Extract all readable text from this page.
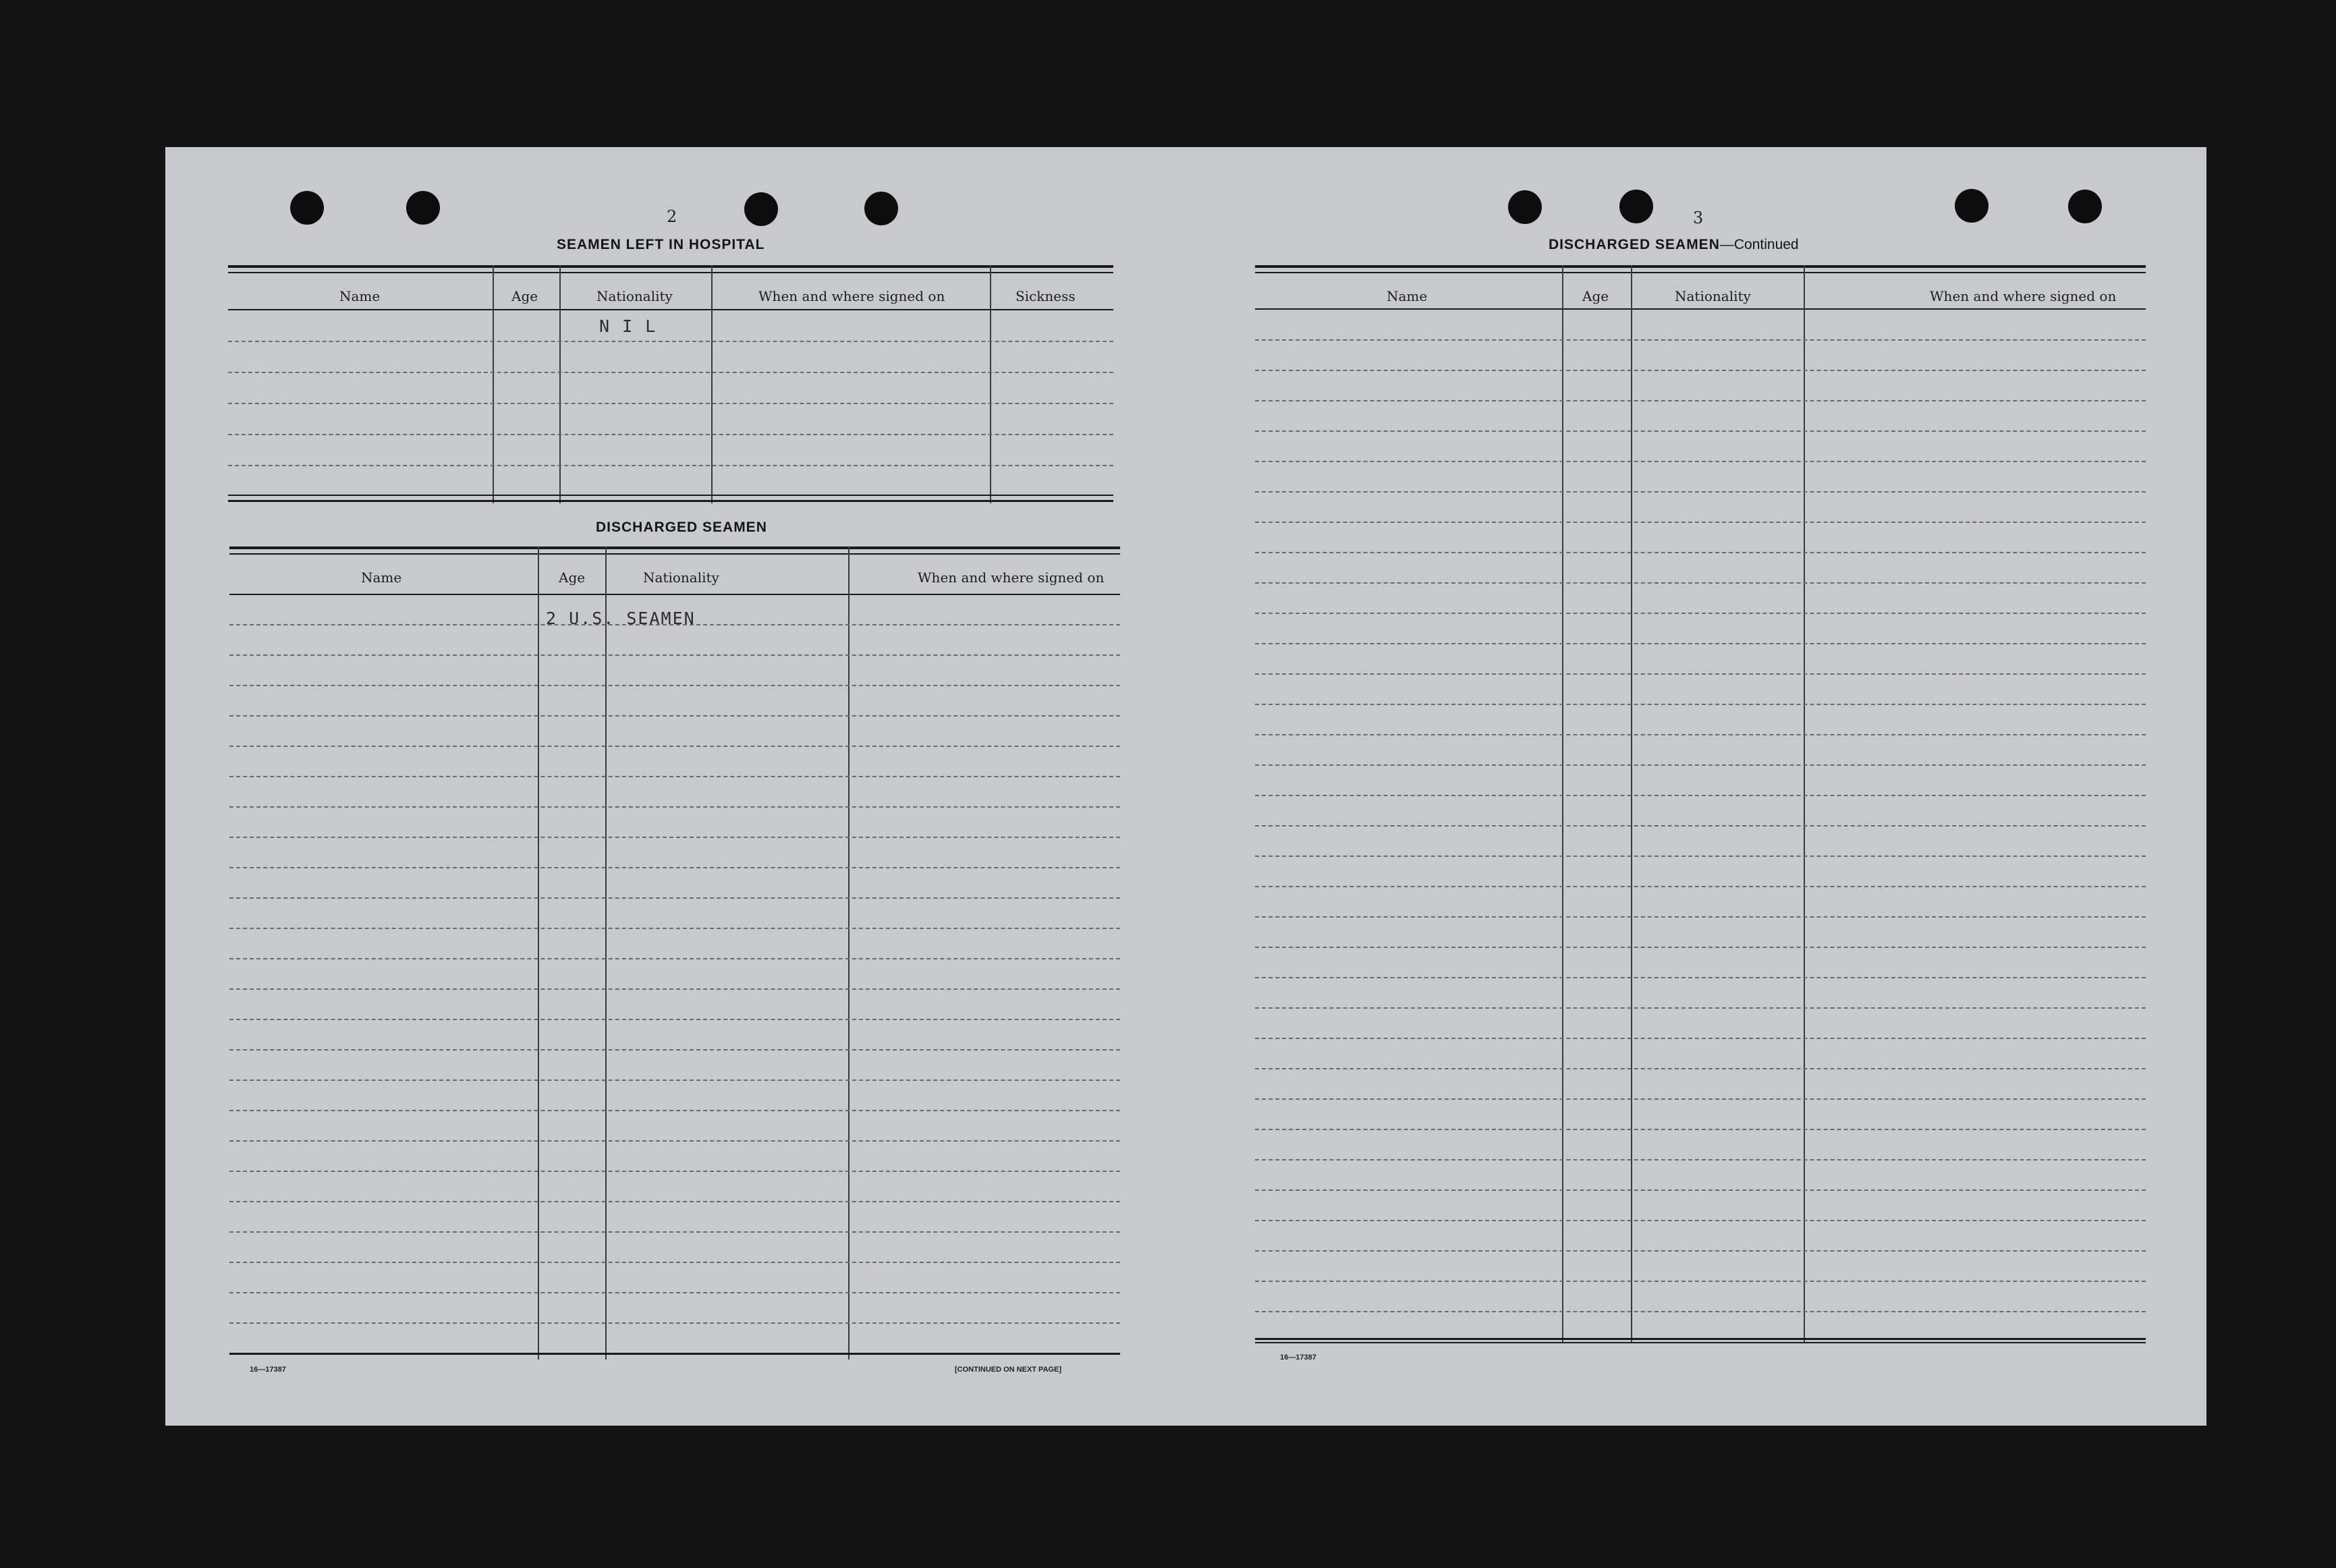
2
SEAMEN LEFT IN HOSPITAL
Name	Age	Nationality	When and where signed on	Sickness
N I L
DISCHARGED SEAMEN
Name	Age	Nationality	When and where signed on
2 U.S. SEAMEN
16—17387	[CONTINUED ON NEXT PAGE]
3
DISCHARGED SEAMEN—Continued
Name	Age	Nationality	When and where signed on
16—17387
